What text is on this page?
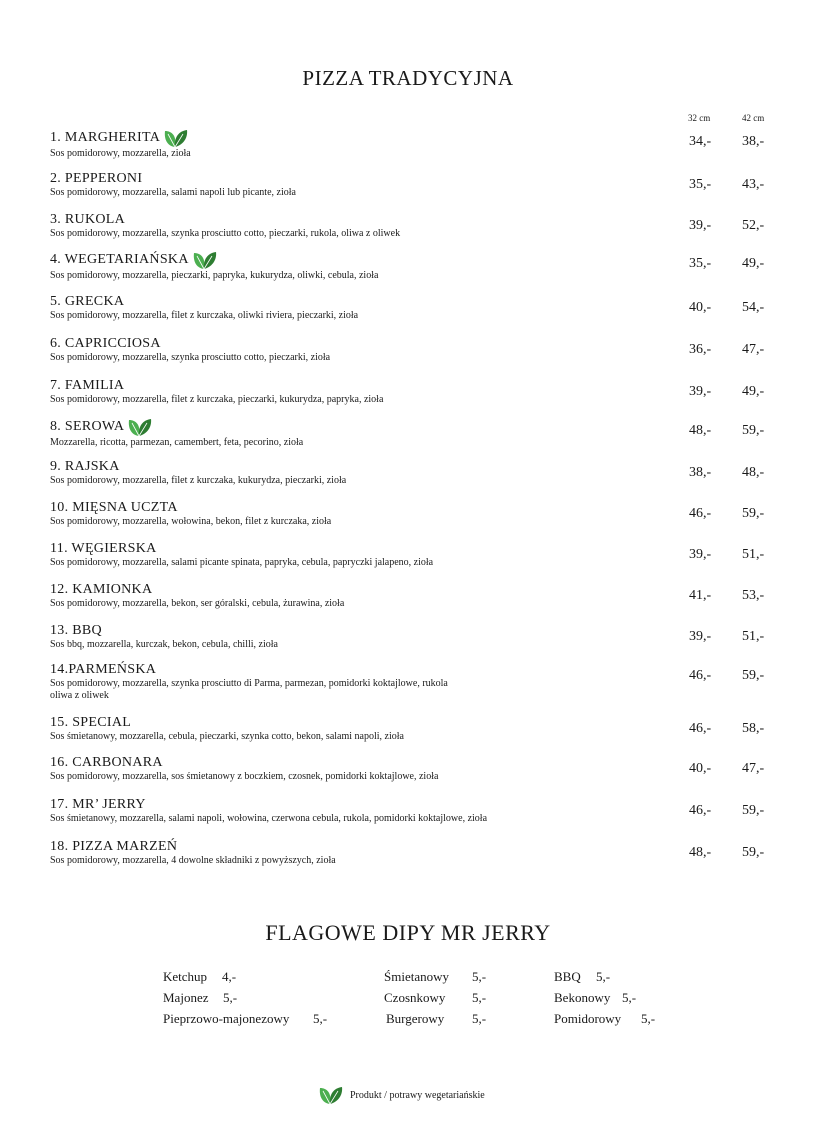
PIZZA TRADYCYJNA
32 cm	42 cm
1. MARGHERITA
Sos pomidorowy, mozzarella, zioła
34,- 38,-
2. PEPPERONI
Sos pomidorowy, mozzarella, salami napoli lub picante, zioła
35,- 43,-
3. RUKOLA
Sos pomidorowy, mozzarella, szynka prosciutto cotto, pieczarki, rukola, oliwa z oliwek
39,- 52,-
4. WEGETARIAŃSKA
Sos pomidorowy, mozzarella, pieczarki, papryka, kukurydza, oliwki, cebula, zioła
35,- 49,-
5. GRECKA
Sos pomidorowy, mozzarella, filet z kurczaka, oliwki riviera, pieczarki, zioła
40,- 54,-
6. CAPRICCIOSA
Sos pomidorowy, mozzarella, szynka prosciutto cotto, pieczarki, zioła
36,- 47,-
7. FAMILIA
Sos pomidorowy, mozzarella, filet z kurczaka, pieczarki, kukurydza, papryka, zioła
39,- 49,-
8. SEROWA
Mozzarella, ricotta, parmezan, camembert, feta, pecorino, zioła
48,- 59,-
9. RAJSKA
Sos pomidorowy, mozzarella, filet z kurczaka, kukurydza, pieczarki, zioła
38,- 48,-
10. MIĘSNA UCZTA
Sos pomidorowy, mozzarella, wołowina, bekon, filet z kurczaka, zioła
46,- 59,-
11. WĘGIERSKA
Sos pomidorowy, mozzarella, salami picante spinata, papryka, cebula, papryczki jalapeno, zioła
39,- 51,-
12. KAMIONKA
Sos pomidorowy, mozzarella, bekon, ser góralski, cebula, żurawina, zioła
41,- 53,-
13. BBQ
Sos bbq, mozzarella, kurczak, bekon, cebula, chilli, zioła
39,- 51,-
14.PARMEŃSKA
Sos pomidorowy, mozzarella, szynka prosciutto di Parma, parmezan, pomidorki koktajlowe, rukola
oliwa z oliwek
46,- 59,-
15. SPECIAL
Sos śmietanowy, mozzarella, cebula, pieczarki, szynka cotto, bekon, salami napoli, zioła
46,- 58,-
16. CARBONARA
Sos pomidorowy, mozzarella, sos śmietanowy z boczkiem, czosnek, pomidorki koktajlowe, zioła
40,- 47,-
17. MR’ JERRY
Sos śmietanowy, mozzarella, salami napoli, wołowina, czerwona cebula, rukola, pomidorki koktajlowe, zioła
46,- 59,-
18. PIZZA MARZEŃ
Sos pomidorowy, mozzarella, 4 dowolne składniki z powyższych, zioła
48,- 59,-
FLAGOWE DIPY MR JERRY
Ketchup 4,-
Majonez 5,-
Pieprzowo-majonezowy 5,-
Śmietanowy 5,-
Czosnkowy 5,-
Burgerowy 5,-
BBQ 5,-
Bekonowy 5,-
Pomidorowy 5,-
Produkt / potrawy wegetariańskie
